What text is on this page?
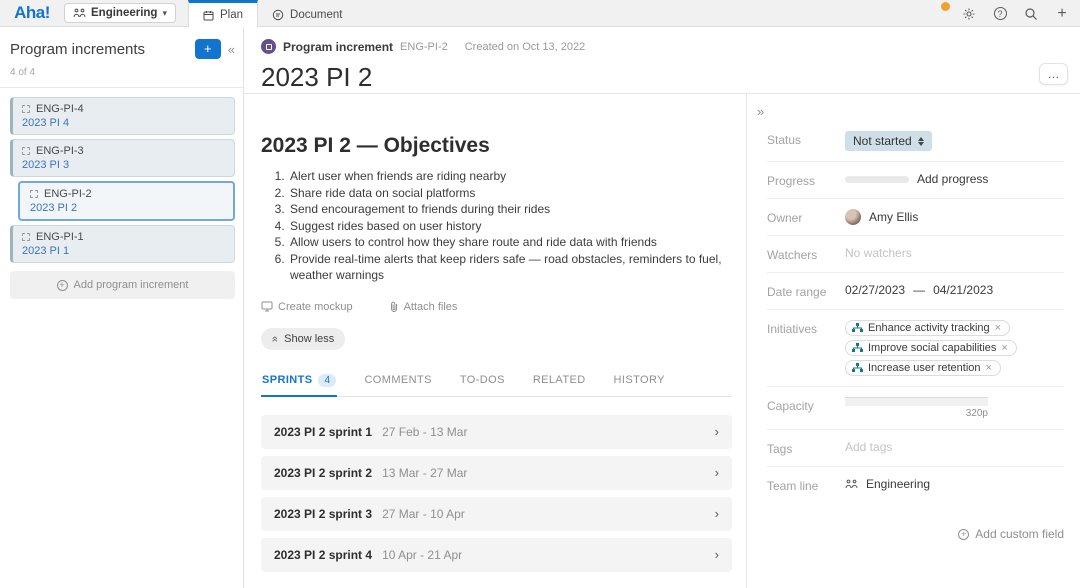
Aha!	Engineering ▾	Plan	Document
?
+
Program increments	+	«
4 of 4
ENG-PI-4
2023 PI 4
ENG-PI-3
2023 PI 3
ENG-PI-2
2023 PI 2
ENG-PI-1
2023 PI 1
+
Add program increment
Program increment ENG-PI-2 Created on Oct 13, 2022
2023 PI 2	…
2023 PI 2 — Objectives
1. Alert user when friends are riding nearby
2. Share ride data on social platforms
3. Send encouragement to friends during their rides
4. Suggest rides based on user history
5. Allow users to control how they share route and ride data with friends
6. Provide real-time alerts that keep riders safe — road obstacles, reminders to fuel, weather warnings
Create mockup	Attach files
» Show less
SPRINTS	4	COMMENTS	TO-DOS	RELATED	HISTORY
2023 PI 2 sprint 1 27 Feb - 13 Mar	›
2023 PI 2 sprint 2 13 Mar - 27 Mar	›
2023 PI 2 sprint 3 27 Mar - 10 Apr	›
2023 PI 2 sprint 4 10 Apr - 21 Apr	›
»
Status	Not started
Progress	Add progress
Owner	Amy Ellis
Watchers	No watchers
Date range	02/27/2023 — 04/21/2023
Initiatives	Enhance activity tracking ×
Improve social capabilities ×
Increase user retention ×
Capacity
320p
Tags	Add tags
Team line	Engineering
+
Add custom field
